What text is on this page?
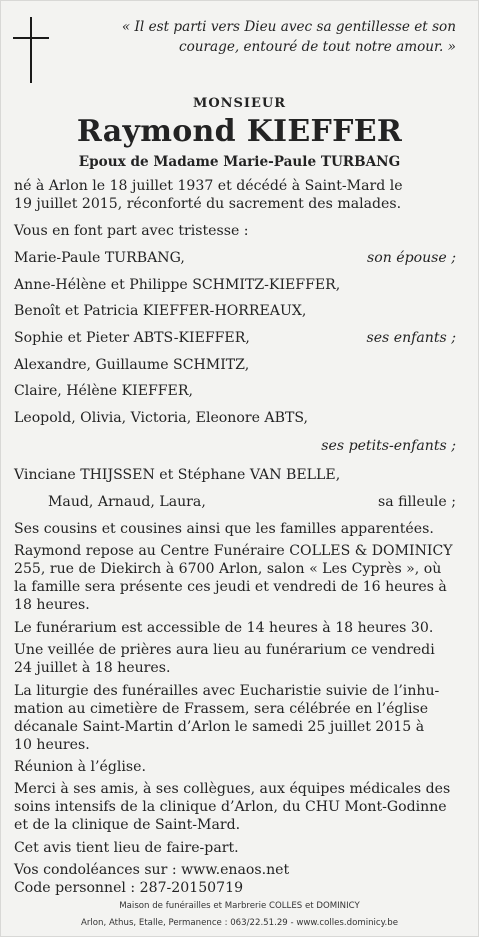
« Il est parti vers Dieu avec sa gentillesse et son
courage, entouré de tout notre amour. »
MONSIEUR
Raymond KIEFFER
Epoux de Madame Marie-Paule TURBANG
né à Arlon le 18 juillet 1937 et décédé à Saint-Mard le
19 juillet 2015, réconforté du sacrement des malades.
Vous en font part avec tristesse :
Marie-Paule TURBANG,	son épouse ;
Anne-Hélène et Philippe SCHMITZ-KIEFFER,
Benoît et Patricia KIEFFER-HORREAUX,
Sophie et Pieter ABTS-KIEFFER,	ses enfants ;
Alexandre, Guillaume SCHMITZ,
Claire, Hélène KIEFFER,
Leopold, Olivia, Victoria, Eleonore ABTS,
ses petits-enfants ;
Vinciane THIJSSEN et Stéphane VAN BELLE,
Maud, Arnaud, Laura,	sa filleule ;
Ses cousins et cousines ainsi que les familles apparentées.
Raymond repose au Centre Funéraire COLLES & DOMINICY
255, rue de Diekirch à 6700 Arlon, salon « Les Cyprès », où
la famille sera présente ces jeudi et vendredi de 16 heures à
18 heures.
Le funérarium est accessible de 14 heures à 18 heures 30.
Une veillée de prières aura lieu au funérarium ce vendredi
24 juillet à 18 heures.
La liturgie des funérailles avec Eucharistie suivie de l’inhu-
mation au cimetière de Frassem, sera célébrée en l’église
décanale Saint-Martin d’Arlon le samedi 25 juillet 2015 à
10 heures.
Réunion à l’église.
Merci à ses amis, à ses collègues, aux équipes médicales des
soins intensifs de la clinique d’Arlon, du CHU Mont-Godinne
et de la clinique de Saint-Mard.
Cet avis tient lieu de faire-part.
Vos condoléances sur : www.enaos.net
Code personnel : 287-20150719
Maison de funérailles et Marbrerie COLLES et DOMINICY
Arlon, Athus, Etalle, Permanence : 063/22.51.29 - www.colles.dominicy.be
